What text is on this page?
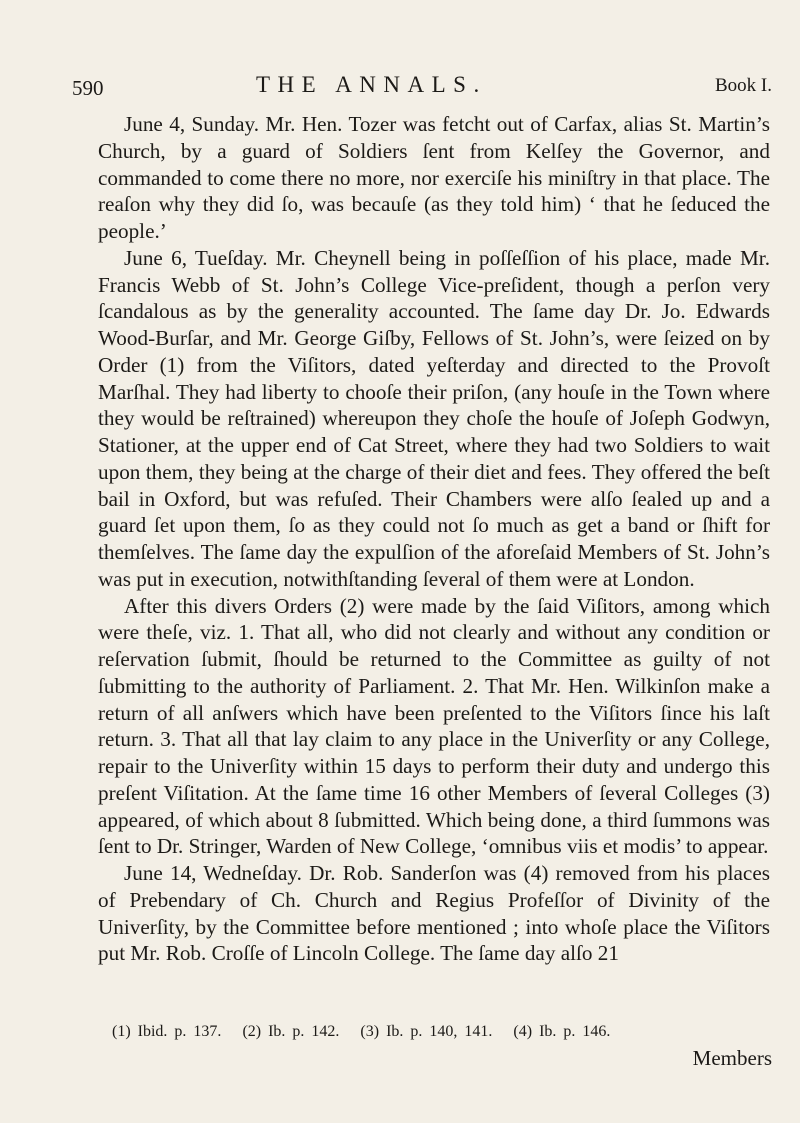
590	THE ANNALS.	Book I.

June 4, Sunday. Mr. Hen. Tozer was fetcht out of Carfax, alias St. Martin’s Church, by a guard of Soldiers ſent from Kelſey the Governor, and commanded to come there no more, nor exerciſe his miniſtry in that place. The reaſon why they did ſo, was becauſe (as they told him) ‘ that he ſeduced the people.’

June 6, Tueſday. Mr. Cheynell being in poſſeſſion of his place, made Mr. Francis Webb of St. John’s College Vice-preſident, though a perſon very ſcandalous as by the generality accounted. The ſame day Dr. Jo. Edwards Wood-Burſar, and Mr. George Giſby, Fellows of St. John’s, were ſeized on by Order (1) from the Viſitors, dated yeſterday and directed to the Provoſt Marſhal. They had liberty to chooſe their priſon, (any houſe in the Town where they would be reſtrained) whereupon they choſe the houſe of Joſeph Godwyn, Stationer, at the upper end of Cat Street, where they had two Soldiers to wait upon them, they being at the charge of their diet and fees. They offered the beſt bail in Oxford, but was refuſed. Their Chambers were alſo ſealed up and a guard ſet upon them, ſo as they could not ſo much as get a band or ſhift for themſelves. The ſame day the expulſion of the aforeſaid Members of St. John’s was put in execution, notwithſtanding ſeveral of them were at London.

After this divers Orders (2) were made by the ſaid Viſitors, among which were theſe, viz. 1. That all, who did not clearly and without any condition or reſervation ſubmit, ſhould be returned to the Committee as guilty of not ſubmitting to the authority of Parliament. 2. That Mr. Hen. Wilkinſon make a return of all anſwers which have been preſented to the Viſitors ſince his laſt return. 3. That all that lay claim to any place in the Univerſity or any College, repair to the Univerſity within 15 days to perform their duty and undergo this preſent Viſitation. At the ſame time 16 other Members of ſeveral Colleges (3) appeared, of which about 8 ſubmitted. Which being done, a third ſummons was ſent to Dr. Stringer, Warden of New College, ‘omnibus viis et modis’ to appear.

June 14, Wedneſday. Dr. Rob. Sanderſon was (4) removed from his places of Prebendary of Ch. Church and Regius Profeſſor of Divinity of the Univerſity, by the Committee before mentioned ; into whoſe place the Viſitors put Mr. Rob. Croſſe of Lincoln College. The ſame day alſo 21

(1) Ibid. p. 137. (2) Ib. p. 142. (3) Ib. p. 140, 141. (4) Ib. p. 146.
Members
